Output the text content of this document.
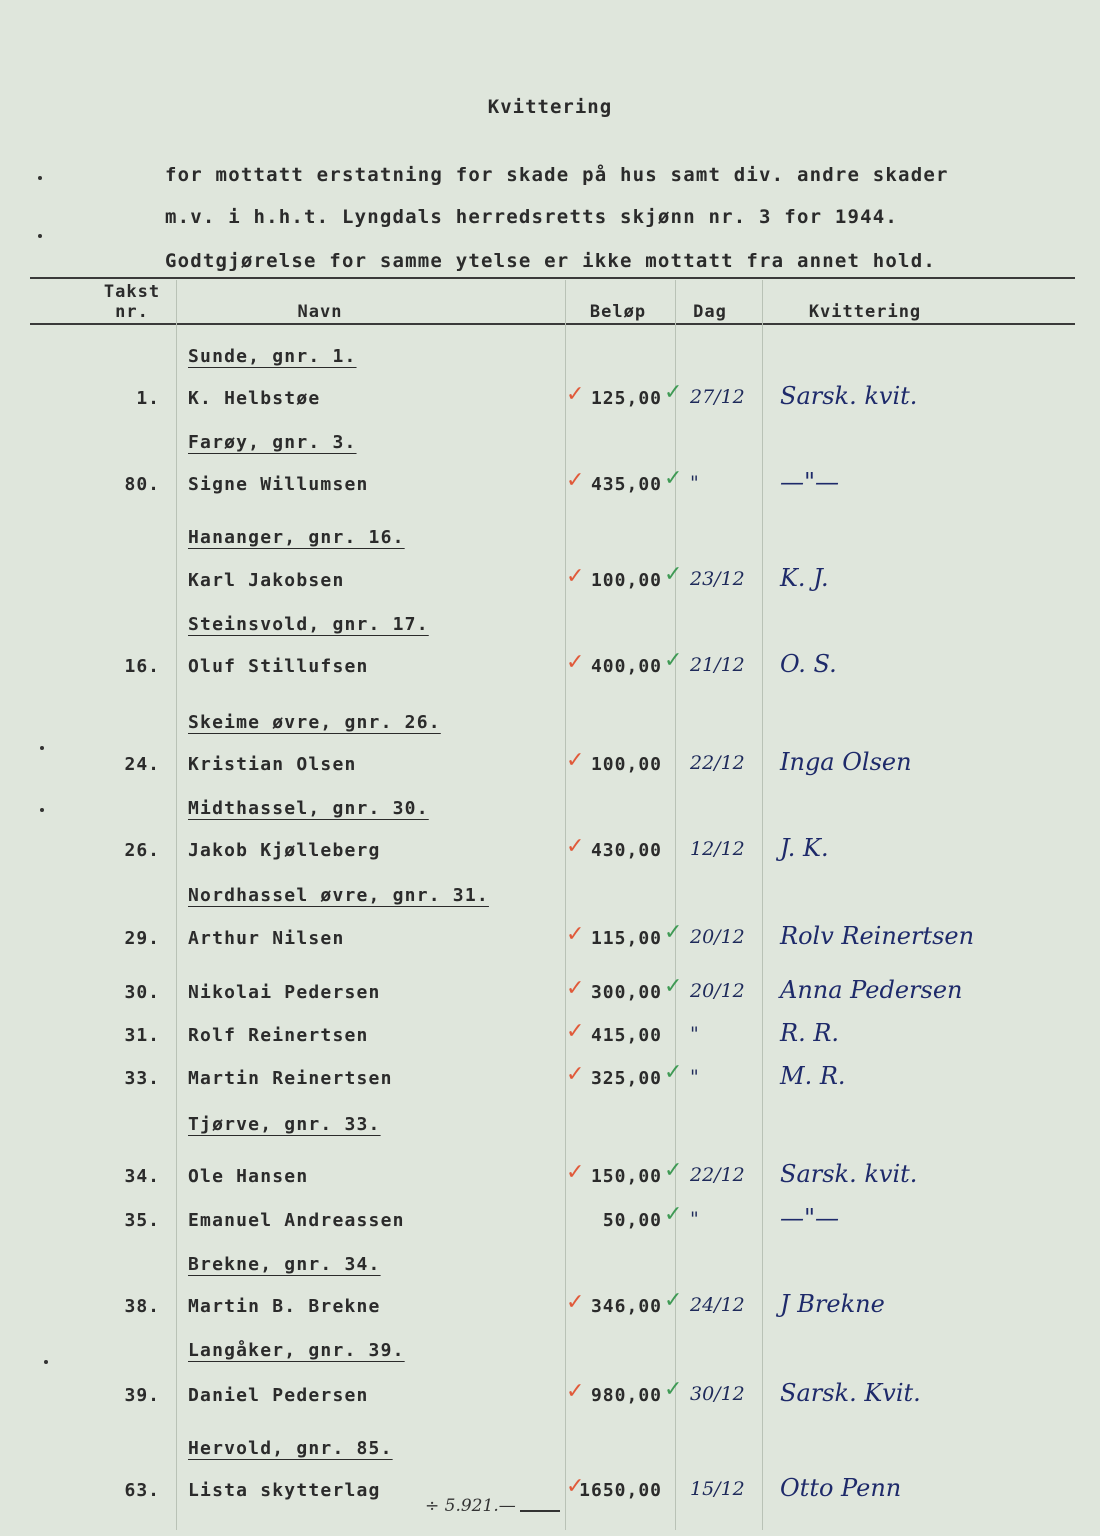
Kvittering
for mottatt erstatning for skade på hus samt div. andre skader
m.v. i h.h.t. Lyngdals herredsretts skjønn nr. 3 for 1944.
Godtgjørelse for samme ytelse er ikke mottatt fra annet hold.
Takst
nr.	Navn	Beløp	Dag	Kvittering
Sunde, gnr. 1.
1. K. Helbstøe	125,00 27/12 Sarsk. kvit.
✓	✓
Farøy, gnr. 3.
80. Signe Willumsen	435,00 "	—"—
✓	✓
Hananger, gnr. 16.
Karl Jakobsen	100,00 23/12 K. J.
✓	✓
Steinsvold, gnr. 17.
16. Oluf Stillufsen	400,00 21/12 O. S.
✓	✓
Skeime øvre, gnr. 26.
24. Kristian Olsen	100,00 22/12 Inga Olsen
✓
Midthassel, gnr. 30.
26. Jakob Kjølleberg	430,00 12/12 J. K.
✓
Nordhassel øvre, gnr. 31.
29. Arthur Nilsen	115,00 20/12 Rolv Reinertsen
✓	✓
30. Nikolai Pedersen	300,00 20/12 Anna Pedersen
✓	✓
31. Rolf Reinertsen	415,00 "	R. R.
✓
33. Martin Reinertsen	325,00 "	M. R.
✓	✓
Tjørve, gnr. 33.
34. Ole Hansen	150,00 22/12 Sarsk. kvit.
✓	✓
35. Emanuel Andreassen	50,00 "	—"—
✓
Brekne, gnr. 34.
38. Martin B. Brekne	346,00 24/12 J Brekne
✓	✓
Langåker, gnr. 39.
39. Daniel Pedersen	980,00 30/12 Sarsk. Kvit.
✓	✓
Hervold, gnr. 85.
63. Lista skytterlag	1650,00 15/12 Otto Penn
✓
÷ 5.921.—
